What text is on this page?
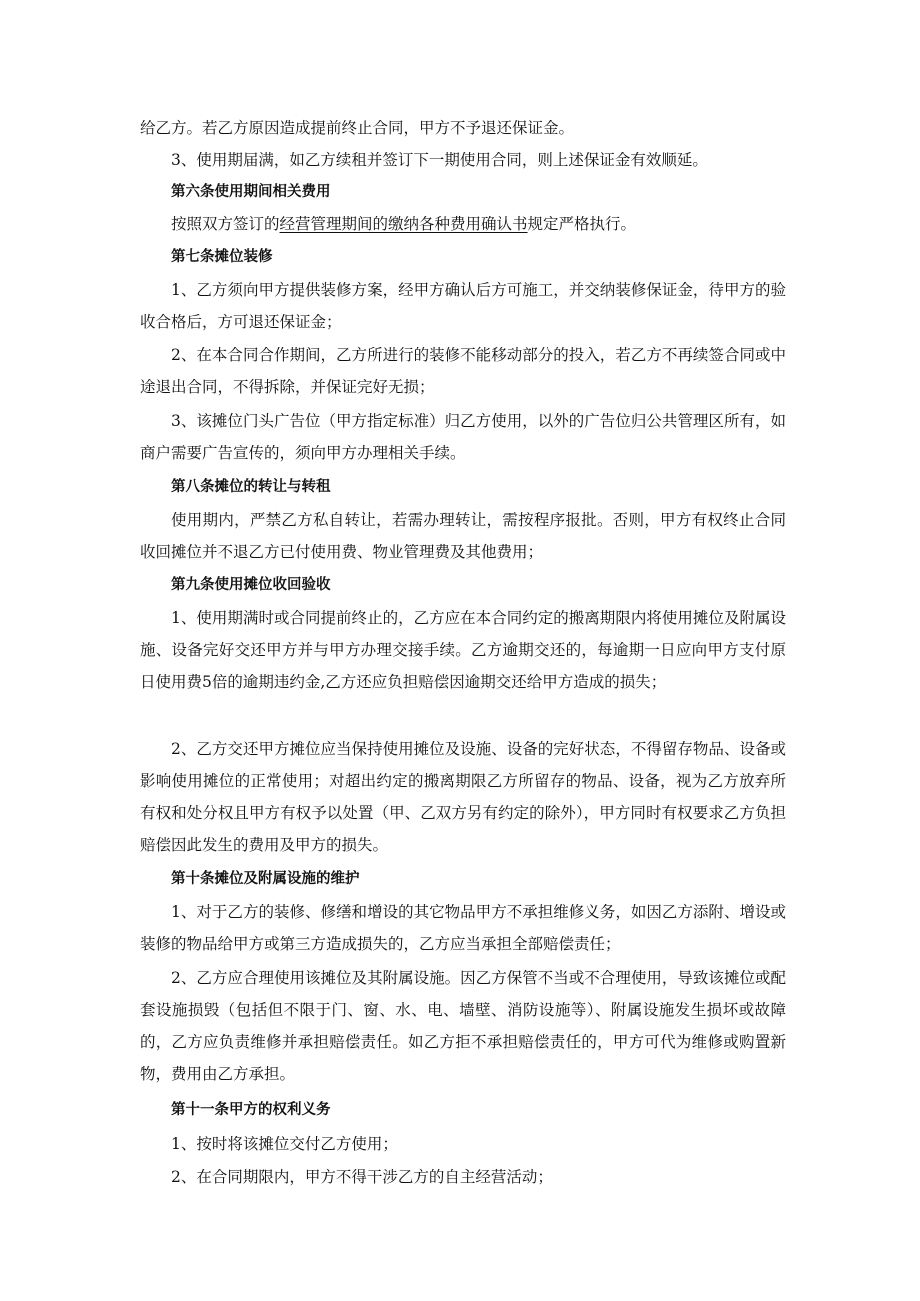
给乙方。若乙方原因造成提前终止合同，甲方不予退还保证金。
3、使用期届满，如乙方续租并签订下一期使用合同，则上述保证金有效顺延。
第六条使用期间相关费用
按照双方签订的经营管理期间的缴纳各种费用确认书规定严格执行。
第七条摊位装修
1、乙方须向甲方提供装修方案，经甲方确认后方可施工，并交纳装修保证金，待甲方的验收合格后，方可退还保证金；
2、在本合同合作期间，乙方所进行的装修不能移动部分的投入，若乙方不再续签合同或中途退出合同，不得拆除，并保证完好无损；
3、该摊位门头广告位（甲方指定标准）归乙方使用，以外的广告位归公共管理区所有，如商户需要广告宣传的，须向甲方办理相关手续。
第八条摊位的转让与转租
使用期内，严禁乙方私自转让，若需办理转让，需按程序报批。否则，甲方有权终止合同收回摊位并不退乙方已付使用费、物业管理费及其他费用；
第九条使用摊位收回验收
1、使用期满时或合同提前终止的，乙方应在本合同约定的搬离期限内将使用摊位及附属设施、设备完好交还甲方并与甲方办理交接手续。乙方逾期交还的，每逾期一日应向甲方支付原日使用费5倍的逾期违约金,乙方还应负担赔偿因逾期交还给甲方造成的损失；
2、乙方交还甲方摊位应当保持使用摊位及设施、设备的完好状态，不得留存物品、设备或影响使用摊位的正常使用；对超出约定的搬离期限乙方所留存的物品、设备，视为乙方放弃所有权和处分权且甲方有权予以处置（甲、乙双方另有约定的除外），甲方同时有权要求乙方负担赔偿因此发生的费用及甲方的损失。
第十条摊位及附属设施的维护
1、对于乙方的装修、修缮和增设的其它物品甲方不承担维修义务，如因乙方添附、增设或装修的物品给甲方或第三方造成损失的，乙方应当承担全部赔偿责任；
2、乙方应合理使用该摊位及其附属设施。因乙方保管不当或不合理使用，导致该摊位或配套设施损毁（包括但不限于门、窗、水、电、墙壁、消防设施等）、附属设施发生损坏或故障的，乙方应负责维修并承担赔偿责任。如乙方拒不承担赔偿责任的，甲方可代为维修或购置新物，费用由乙方承担。
第十一条甲方的权利义务
1、按时将该摊位交付乙方使用；
2、在合同期限内，甲方不得干涉乙方的自主经营活动；
